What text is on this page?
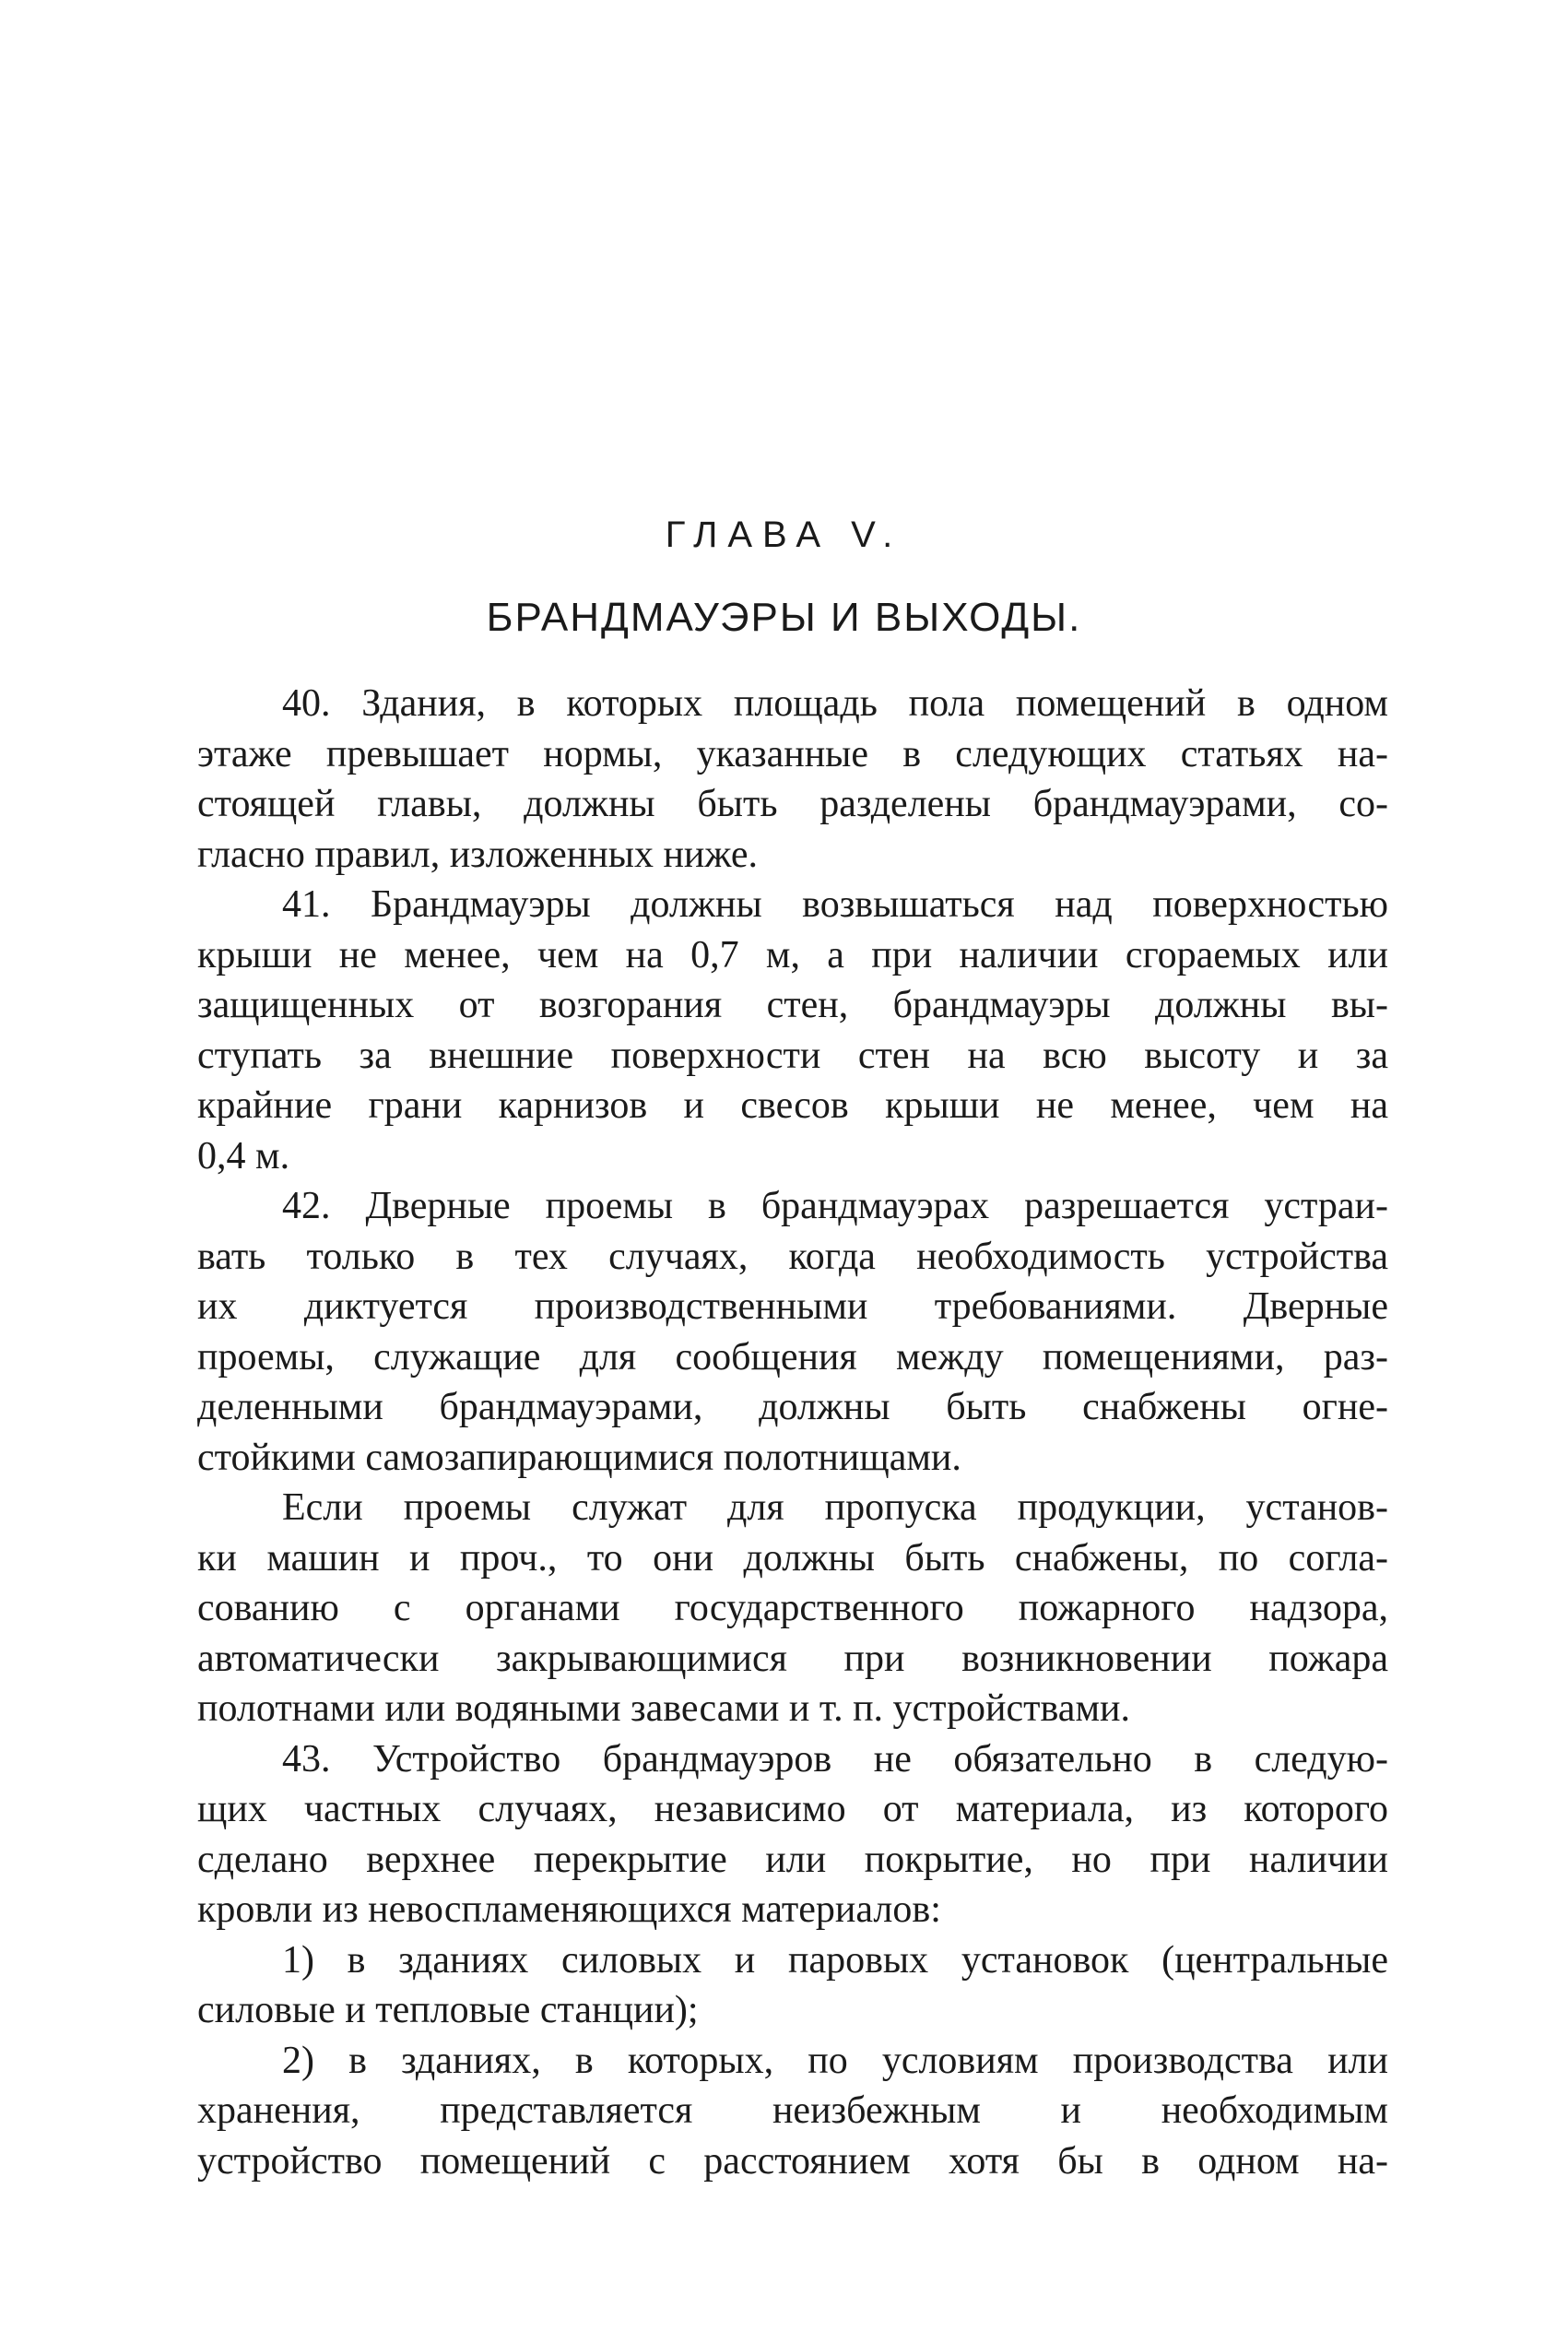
ГЛАВА V.
БРАНДМАУЭРЫ И ВЫХОДЫ.
40. Здания, в которых площадь пола помещений в одном
этаже превышает нормы, указанные в следующих статьях на-
стоящей главы, должны быть разделены брандмауэрами, со-
гласно правил, изложенных ниже.
41. Брандмауэры должны возвышаться над поверхностью
крыши не менее, чем на 0,7 м, а при наличии сгораемых или
защищенных от возгорания стен, брандмауэры должны вы-
ступать за внешние поверхности стен на всю высоту и за
крайние грани карнизов и свесов крыши не менее, чем на
0,4 м.
42. Дверные проемы в брандмауэрах разрешается устраи-
вать только в тех случаях, когда необходимость устройства
их диктуется производственными требованиями. Дверные
проемы, служащие для сообщения между помещениями, раз-
деленными брандмауэрами, должны быть снабжены огне-
стойкими самозапирающимися полотнищами.
Если проемы служат для пропуска продукции, установ-
ки машин и проч., то они должны быть снабжены, по согла-
сованию с органами государственного пожарного надзора,
автоматически закрывающимися при возникновении пожара
полотнами или водяными завесами и т. п. устройствами.
43. Устройство брандмауэров не обязательно в следую-
щих частных случаях, независимо от материала, из которого
сделано верхнее перекрытие или покрытие, но при наличии
кровли из невоспламеняющихся материалов:
1) в зданиях силовых и паровых установок (центральные
силовые и тепловые станции);
2) в зданиях, в которых, по условиям производства или
хранения, представляется неизбежным и необходимым
устройство помещений с расстоянием хотя бы в одном на-
